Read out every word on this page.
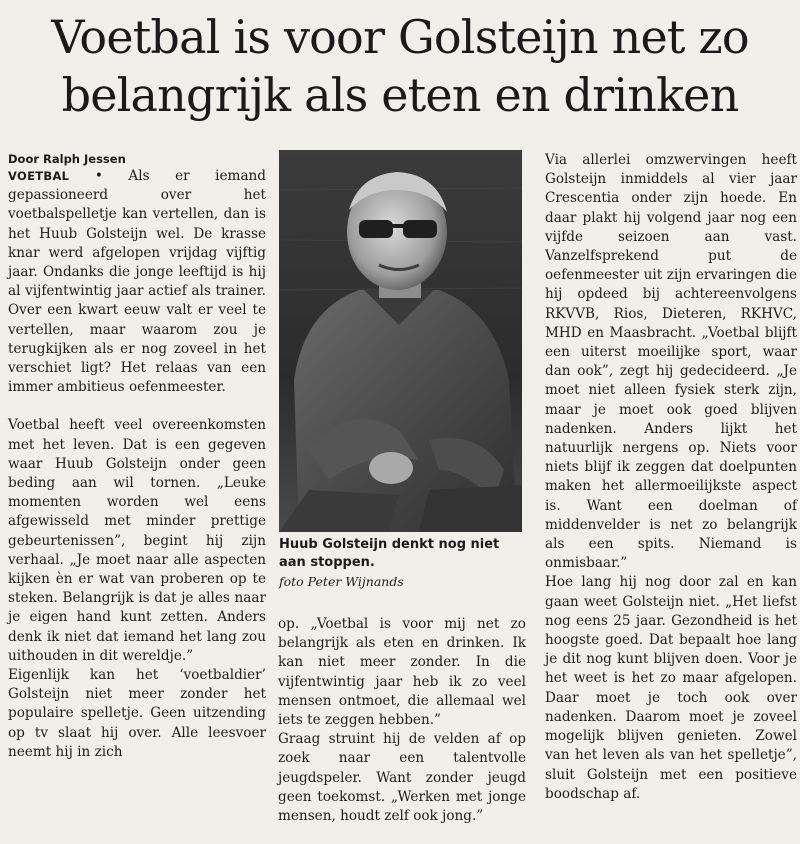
Voetbal is voor Golsteijn net zo belangrijk als eten en drinken
Door Ralph Jessen

VOETBAL • Als er iemand gepassioneerd over het voetbalspelletje kan vertellen, dan is het Huub Golsteijn wel. De krasse knar werd afgelopen vrijdag vijftig jaar. Ondanks die jonge leeftijd is hij al vijfentwintig jaar actief als trainer. Over een kwart eeuw valt er veel te vertellen, maar waarom zou je terugkijken als er nog zoveel in het verschiet ligt? Het relaas van een immer ambitieus oefenmeester.

Voetbal heeft veel overeenkomsten met het leven. Dat is een gegeven waar Huub Golsteijn onder geen beding aan wil tornen. „Leuke momenten worden wel eens afgewisseld met minder prettige gebeurtenissen”, begint hij zijn verhaal. „Je moet naar alle aspecten kijken èn er wat van proberen op te steken. Belangrijk is dat je alles naar je eigen hand kunt zetten. Anders denk ik niet dat iemand het lang zou uithouden in dit wereldje.”

Eigenlijk kan het ‘voetbaldier’ Golsteijn niet meer zonder het populaire spelletje. Geen uitzending op tv slaat hij over. Alle leesvoer neemt hij in zich

Huub Golsteijn denkt nog niet aan stoppen.

foto Peter Wijnands

op. „Voetbal is voor mij net zo belangrijk als eten en drinken. Ik kan niet meer zonder. In die vijfentwintig jaar heb ik zo veel mensen ontmoet, die allemaal wel iets te zeggen hebben.”

Graag struint hij de velden af op zoek naar een talentvolle jeugdspeler. Want zonder jeugd geen toekomst. „Werken met jonge mensen, houdt zelf ook jong.”

Via allerlei omzwervingen heeft Golsteijn inmiddels al vier jaar Crescentia onder zijn hoede. En daar plakt hij volgend jaar nog een vijfde seizoen aan vast. Vanzelfsprekend put de oefenmeester uit zijn ervaringen die hij opdeed bij achtereenvolgens RKVVB, Rios, Dieteren, RKHVC, MHD en Maasbracht. „Voetbal blijft een uiterst moeilijke sport, waar dan ook”, zegt hij gedecideerd. „Je moet niet alleen fysiek sterk zijn, maar je moet ook goed blijven nadenken. Anders lijkt het natuurlijk nergens op. Niets voor niets blijf ik zeggen dat doelpunten maken het allermoeilijkste aspect is. Want een doelman of middenvelder is net zo belangrijk als een spits. Niemand is onmisbaar.”

Hoe lang hij nog door zal en kan gaan weet Golsteijn niet. „Het liefst nog eens 25 jaar. Gezondheid is het hoogste goed. Dat bepaalt hoe lang je dit nog kunt blijven doen. Voor je het weet is het zo maar afgelopen. Daar moet je toch ook over nadenken. Daarom moet je zoveel mogelijk blijven genieten. Zowel van het leven als van het spelletje”, sluit Golsteijn met een positieve boodschap af.
